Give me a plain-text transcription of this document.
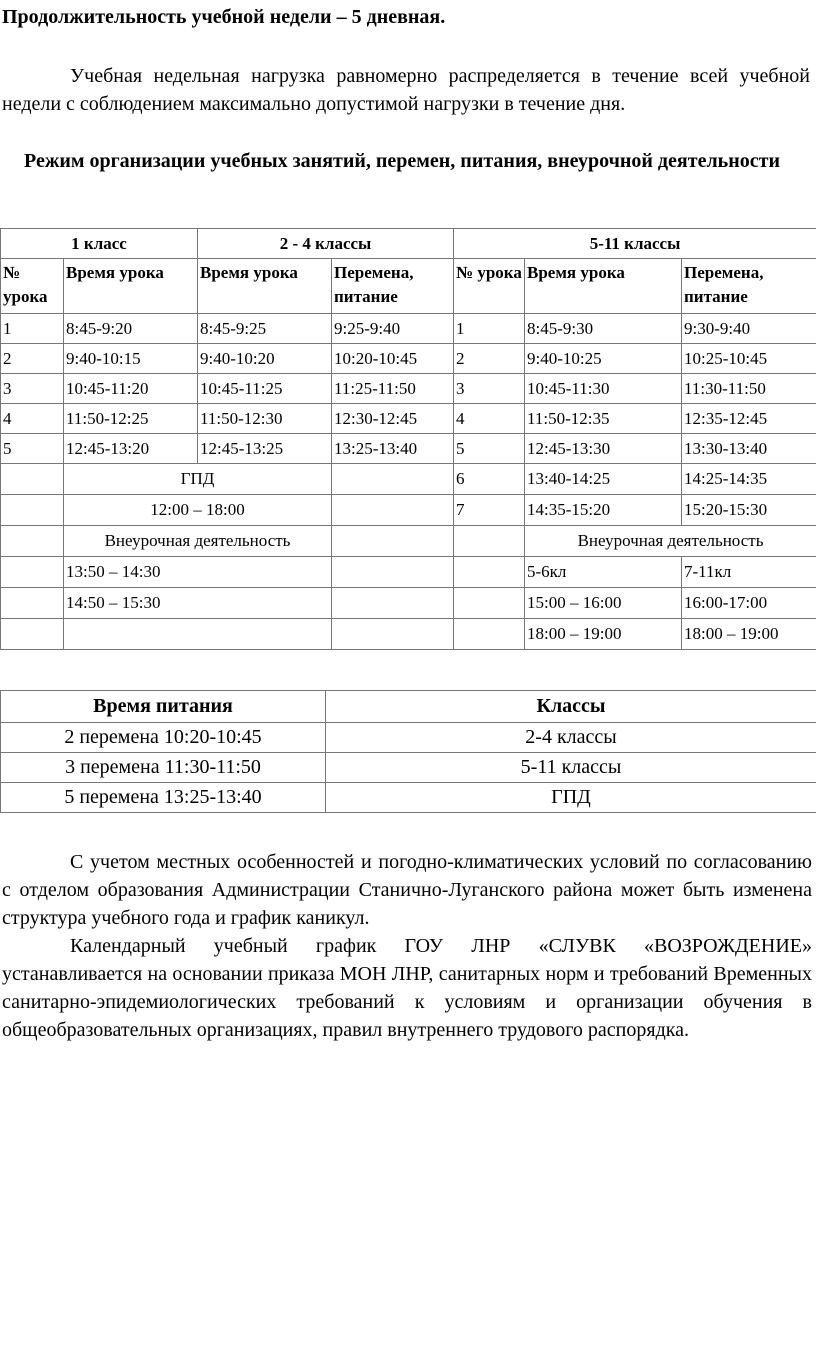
Продолжительность учебной недели – 5 дневная.
Учебная недельная нагрузка равномерно распределяется в течение всей учебной недели с соблюдением максимально допустимой нагрузки в течение дня.
Режим организации учебных занятий, перемен, питания, внеурочной деятельности
1 класс		2 - 4 классы		5-11 классы		
№ урока	Время урока	Время урока	Перемена, питание	№ урока	Время урока	Перемена, питание
1	8:45-9:20	8:45-9:25	9:25-9:40	1	8:45-9:30	9:30-9:40
2	9:40-10:15	9:40-10:20	10:20-10:45	2	9:40-10:25	10:25-10:45
3	10:45-11:20	10:45-11:25	11:25-11:50	3	10:45-11:30	11:30-11:50
4	11:50-12:25	11:50-12:30	12:30-12:45	4	11:50-12:35	12:35-12:45
5	12:45-13:20	12:45-13:25	13:25-13:40	5	12:45-13:30	13:30-13:40
	ГПД			6	13:40-14:25	14:25-14:35
	12:00 – 18:00			7	14:35-15:20	15:20-15:30
	Внеурочная деятельность				Внеурочная деятельность	
	13:50 – 14:30				5-6кл	7-11кл
	14:50 – 15:30				15:00 – 16:00	16:00-17:00
					18:00 – 19:00	18:00 – 19:00
Время питания	Классы
2 перемена 10:20-10:45	2-4 классы
3 перемена 11:30-11:50	5-11 классы
5 перемена 13:25-13:40	ГПД
С учетом местных особенностей и погодно-климатических условий по согласованию с отделом образования Администрации Станично-Луганского района может быть изменена структура учебного года и график каникул.
Календарный учебный график ГОУ ЛНР «СЛУВК «ВОЗРОЖДЕНИЕ» устанавливается на основании приказа МОН ЛНР, санитарных норм и требований Временных санитарно-эпидемиологических требований к условиям и организации обучения в общеобразовательных организациях, правил внутреннего трудового распорядка.
